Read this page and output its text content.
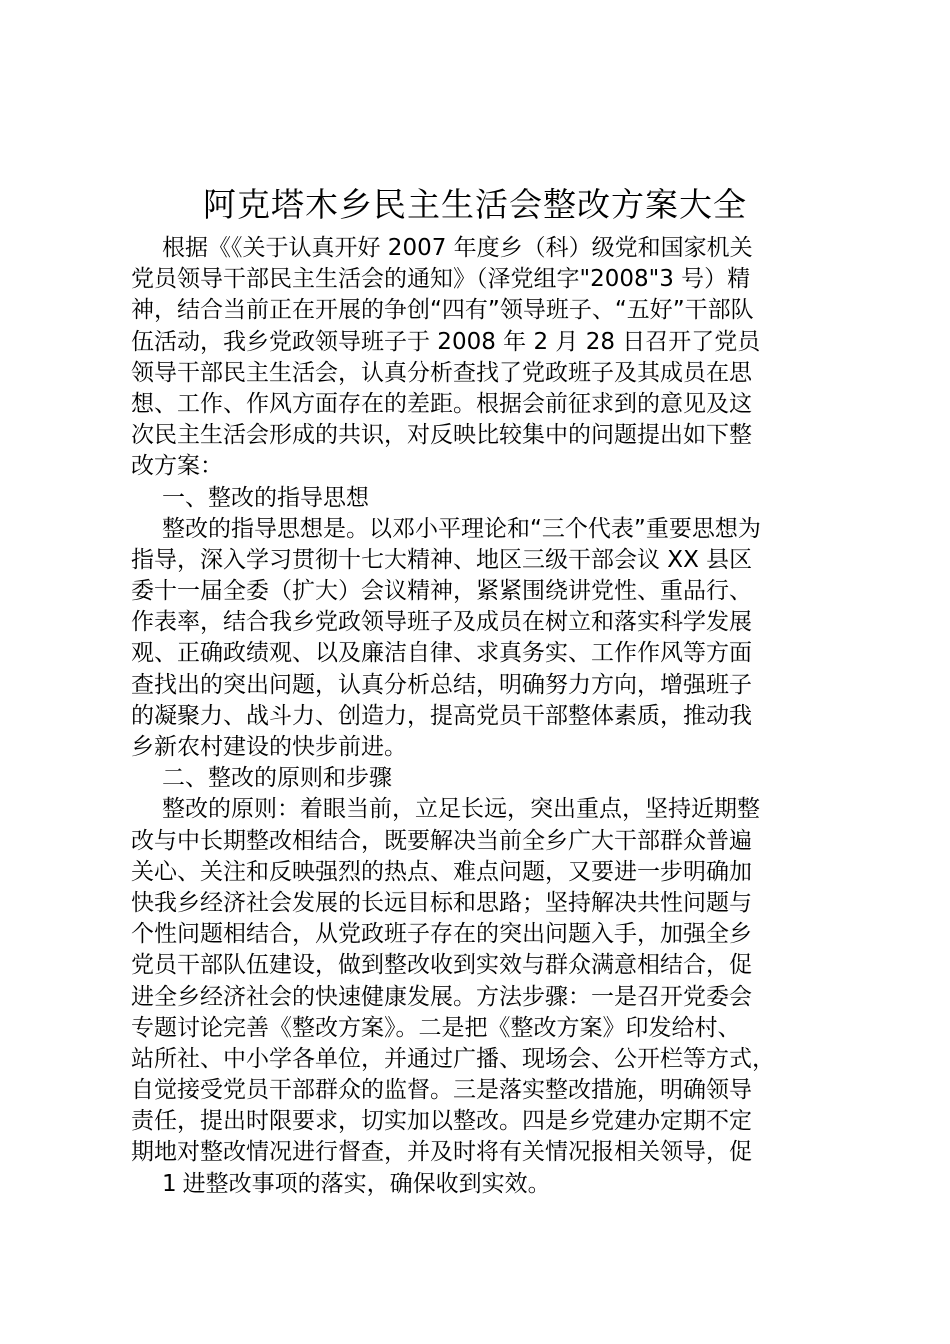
阿克塔木乡民主生活会整改方案大全
根据《《关于认真开好 2007 年度乡（科）级党和国家机关
党员领导干部民主生活会的通知》（泽党组字"2008"3 号）精
神，结合当前正在开展的争创“四有”领导班子、“五好”干部队
伍活动，我乡党政领导班子于 2008 年 2 月 28 日召开了党员
领导干部民主生活会，认真分析查找了党政班子及其成员在思
想、工作、作风方面存在的差距。根据会前征求到的意见及这
次民主生活会形成的共识，对反映比较集中的问题提出如下整
改方案：
一、整改的指导思想
整改的指导思想是。以邓小平理论和“三个代表”重要思想为
指导，深入学习贯彻十七大精神、地区三级干部会议 XX 县区
委十一届全委（扩大）会议精神，紧紧围绕讲党性、重品行、
作表率，结合我乡党政领导班子及成员在树立和落实科学发展
观、正确政绩观、以及廉洁自律、求真务实、工作作风等方面
查找出的突出问题，认真分析总结，明确努力方向，增强班子
的凝聚力、战斗力、创造力，提高党员干部整体素质，推动我
乡新农村建设的快步前进。
二、整改的原则和步骤
整改的原则：着眼当前，立足长远，突出重点，坚持近期整
改与中长期整改相结合，既要解决当前全乡广大干部群众普遍
关心、关注和反映强烈的热点、难点问题，又要进一步明确加
快我乡经济社会发展的长远目标和思路；坚持解决共性问题与
个性问题相结合，从党政班子存在的突出问题入手，加强全乡
党员干部队伍建设，做到整改收到实效与群众满意相结合，促
进全乡经济社会的快速健康发展。方法步骤：一是召开党委会
专题讨论完善《整改方案》。二是把《整改方案》印发给村、
站所社、中小学各单位，并通过广播、现场会、公开栏等方式，
自觉接受党员干部群众的监督。三是落实整改措施，明确领导
责任，提出时限要求，切实加以整改。四是乡党建办定期不定
期地对整改情况进行督查，并及时将有关情况报相关领导，促
1 进整改事项的落实，确保收到实效。
